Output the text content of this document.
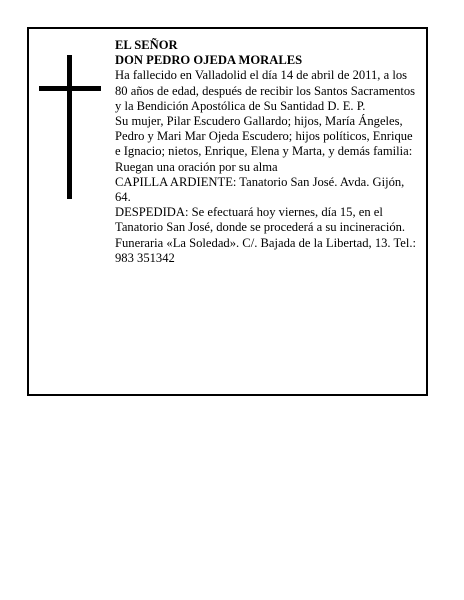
EL SEÑOR

DON PEDRO OJEDA MORALES

Ha fallecido en Valladolid el día 14 de abril de 2011, a los 80 años de edad, después de recibir los Santos Sacramentos y la Bendición Apostólica de Su Santidad D. E. P.

Su mujer, Pilar Escudero Gallardo; hijos, María Ángeles, Pedro y Mari Mar Ojeda Escudero; hijos políticos, Enrique e Ignacio; nietos, Enrique, Elena y Marta, y demás familia:

Ruegan una oración por su alma

CAPILLA ARDIENTE: Tanatorio San José. Avda. Gijón, 64.

DESPEDIDA: Se efectuará hoy viernes, día 15, en el Tanatorio San José, donde se procederá a su incineración.

Funeraria «La Soledad». C/. Bajada de la Libertad, 13. Tel.: 983 351342
